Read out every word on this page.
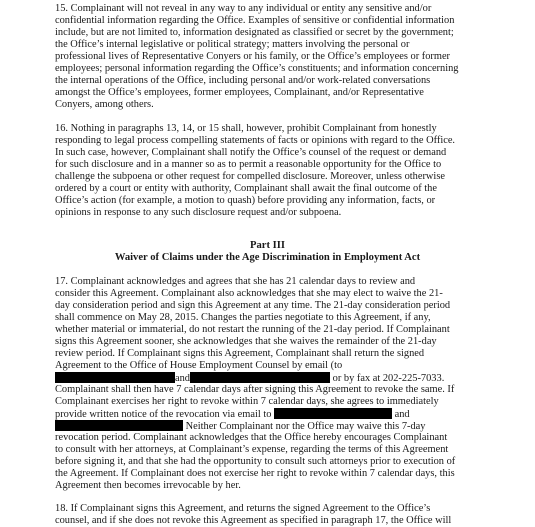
15. Complainant will not reveal in any way to any individual or entity any sensitive and/or
confidential information regarding the Office. Examples of sensitive or confidential information
include, but are not limited to, information designated as classified or secret by the government;
the Office’s internal legislative or political strategy; matters involving the personal or
professional lives of Representative Conyers or his family, or the Office’s employees or former
employees; personal information regarding the Office’s constituents; and information concerning
the internal operations of the Office, including personal and/or work-related conversations
amongst the Office’s employees, former employees, Complainant, and/or Representative
Conyers, among others.
16. Nothing in paragraphs 13, 14, or 15 shall, however, prohibit Complainant from honestly
responding to legal process compelling statements of facts or opinions with regard to the Office.
In such case, however, Complainant shall notify the Office’s counsel of the request or demand
for such disclosure and in a manner so as to permit a reasonable opportunity for the Office to
challenge the subpoena or other request for compelled disclosure. Moreover, unless otherwise
ordered by a court or entity with authority, Complainant shall await the final outcome of the
Office’s action (for example, a motion to quash) before providing any information, facts, or
opinions in response to any such disclosure request and/or subpoena.
Part III
Waiver of Claims under the Age Discrimination in Employment Act
17. Complainant acknowledges and agrees that she has 21 calendar days to review and
consider this Agreement. Complainant also acknowledges that she may elect to waive the 21-
day consideration period and sign this Agreement at any time. The 21-day consideration period
shall commence on May 28, 2015. Changes the parties negotiate to this Agreement, if any,
whether material or immaterial, do not restart the running of the 21-day period. If Complainant
signs this Agreement sooner, she acknowledges that she waives the remainder of the 21-day
review period. If Complainant signs this Agreement, Complainant shall return the signed
Agreement to the Office of House Employment Counsel by email (to
and	or by fax at 202-225-7033.
Complainant shall then have 7 calendar days after signing this Agreement to revoke the same. If
Complainant exercises her right to revoke within 7 calendar days, she agrees to immediately
provide written notice of the revocation via email to	and
Neither Complainant nor the Office may waive this 7-day
revocation period. Complainant acknowledges that the Office hereby encourages Complainant
to consult with her attorneys, at Complainant’s expense, regarding the terms of this Agreement
before signing it, and that she had the opportunity to consult such attorneys prior to execution of
the Agreement. If Complainant does not exercise her right to revoke within 7 calendar days, this
Agreement then becomes irrevocable by her.
18. If Complainant signs this Agreement, and returns the signed Agreement to the Office’s
counsel, and if she does not revoke this Agreement as specified in paragraph 17, the Office will
